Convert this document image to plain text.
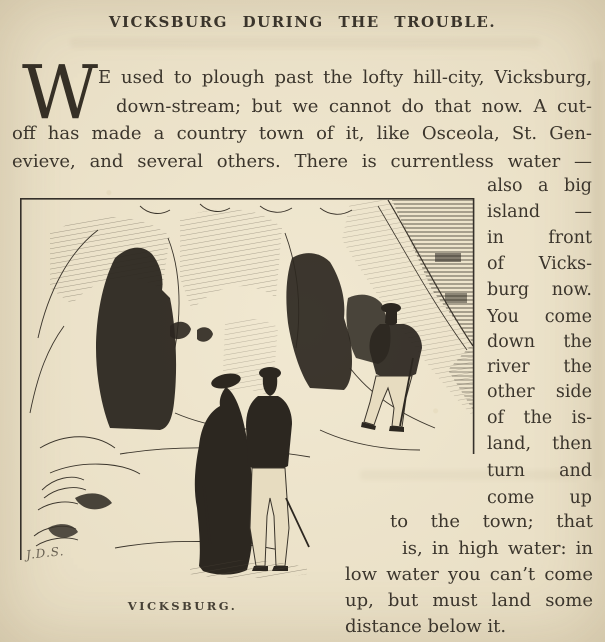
VICKSBURG DURING THE TROUBLE.
W E used to plough past the lofty hill-city, Vicksburg,
down-stream; but we cannot do that now. A cut-
off has made a country town of it, like Osceola, St. Gen-
evieve, and several others. There is currentless water —
also a big
island —
in front
of Vicks-
burg now.
You come
down the
river the
other side
of the is-
land, then
turn and
come up
to the town; that
is, in high water: in
low water you can’t come
up, but must land some
distance below it.
J.D.S.
VICKSBURG.
